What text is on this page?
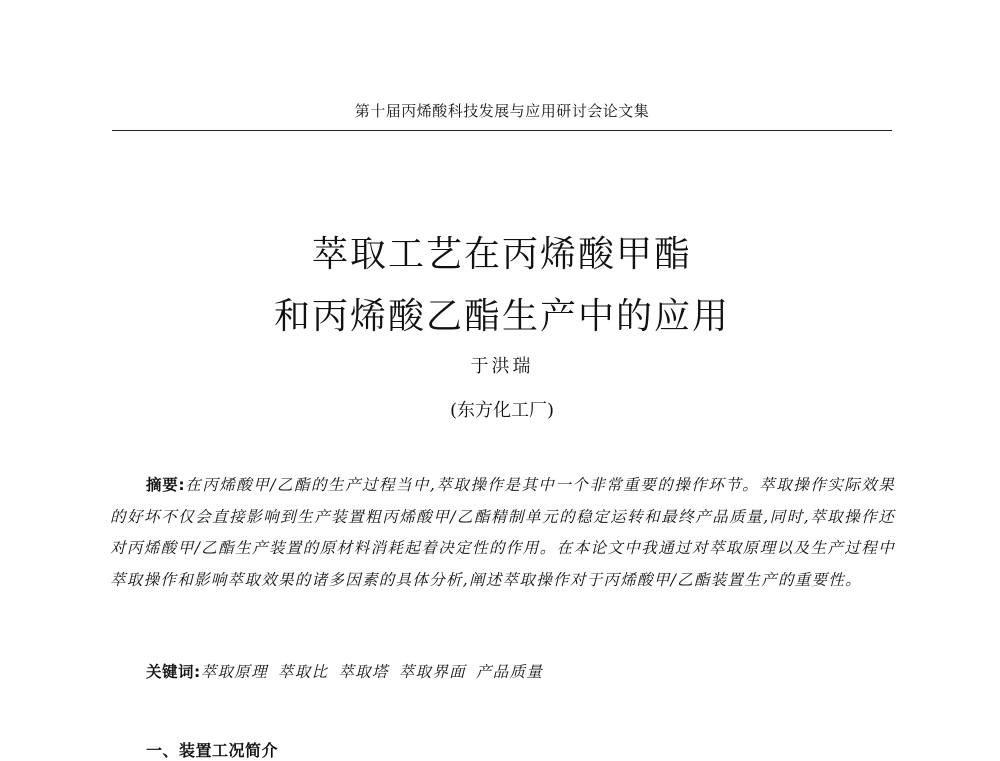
第十届丙烯酸科技发展与应用研讨会论文集
萃取工艺在丙烯酸甲酯
和丙烯酸乙酯生产中的应用
于洪瑞
(东方化工厂)

摘要:在丙烯酸甲/乙酯的生产过程当中,萃取操作是其中一个非常重要的操作环节。萃取操作实际效果的好坏不仅会直接影响到生产装置粗丙烯酸甲/乙酯精制单元的稳定运转和最终产品质量,同时,萃取操作还对丙烯酸甲/乙酯生产装置的原材料消耗起着决定性的作用。在本论文中我通过对萃取原理以及生产过程中萃取操作和影响萃取效果的诸多因素的具体分析,阐述萃取操作对于丙烯酸甲/乙酯装置生产的重要性。

关键词:萃取原理 萃取比 萃取塔 萃取界面 产品质量
一、装置工况简介
